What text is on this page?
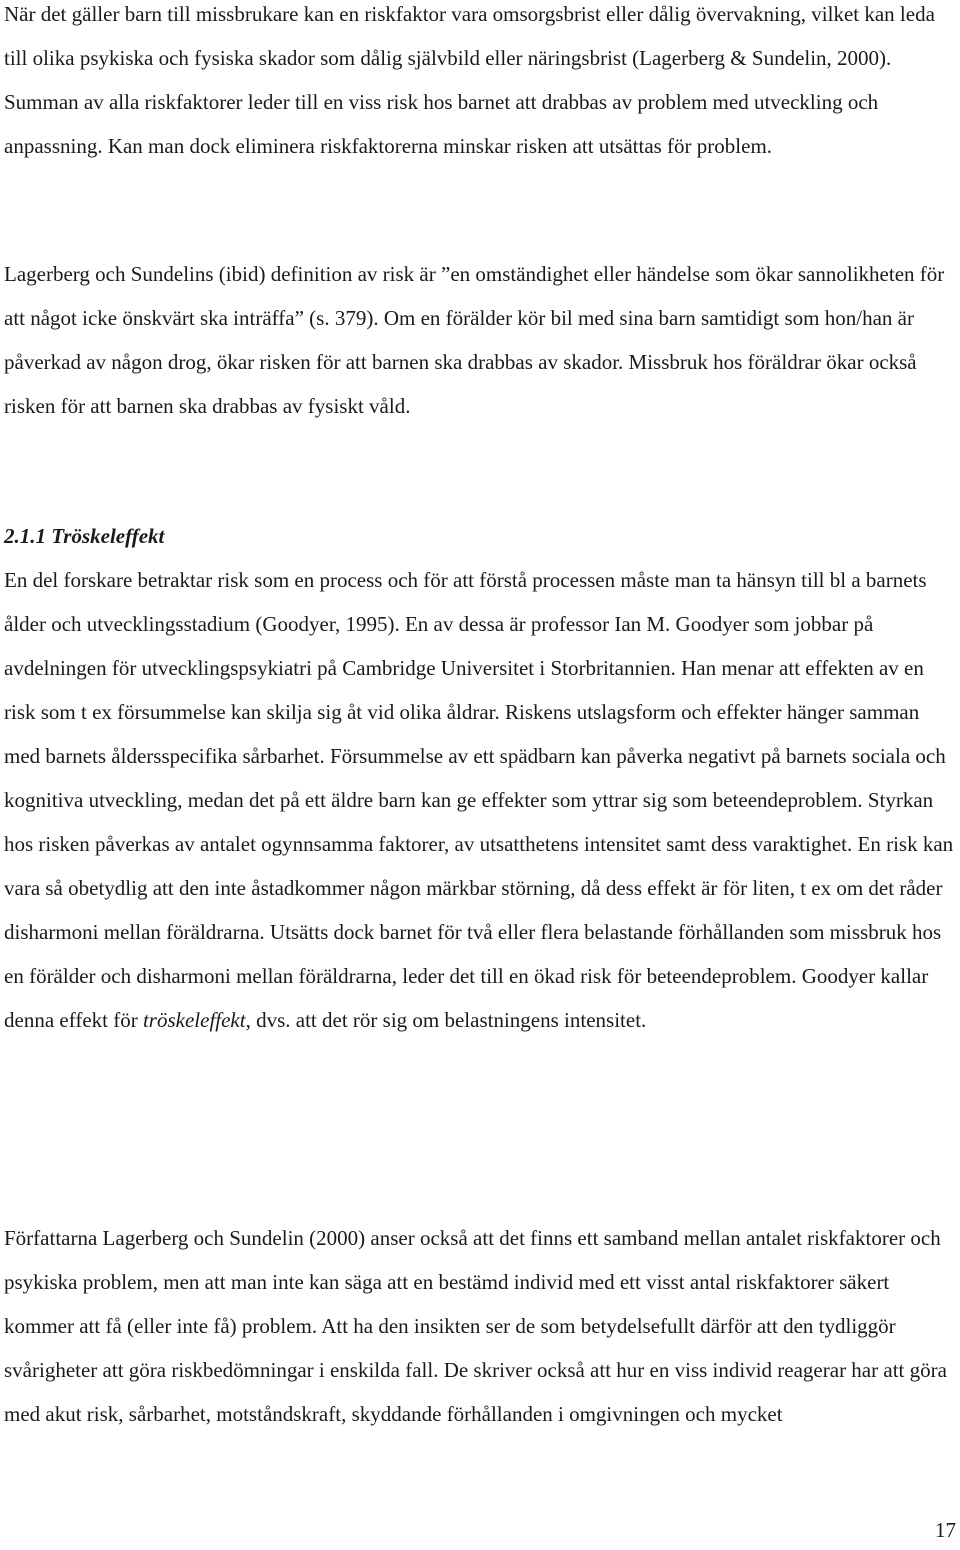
När det gäller barn till missbrukare kan en riskfaktor vara omsorgsbrist eller dålig övervakning, vilket kan leda till olika psykiska och fysiska skador som dålig självbild eller näringsbrist (Lagerberg & Sundelin, 2000). Summan av alla riskfaktorer leder till en viss risk hos barnet att drabbas av problem med utveckling och anpassning. Kan man dock eliminera riskfaktorerna minskar risken att utsättas för problem.

Lagerberg och Sundelins (ibid) definition av risk är ”en omständighet eller händelse som ökar sannolikheten för att något icke önskvärt ska inträffa” (s. 379). Om en förälder kör bil med sina barn samtidigt som hon/han är påverkad av någon drog, ökar risken för att barnen ska drabbas av skador. Missbruk hos föräldrar ökar också risken för att barnen ska drabbas av fysiskt våld.

2.1.1 Tröskeleffekt

En del forskare betraktar risk som en process och för att förstå processen måste man ta hänsyn till bl a barnets ålder och utvecklingsstadium (Goodyer, 1995). En av dessa är professor Ian M. Goodyer som jobbar på avdelningen för utvecklingspsykiatri på Cambridge Universitet i Storbritannien. Han menar att effekten av en risk som t ex försummelse kan skilja sig åt vid olika åldrar. Riskens utslagsform och effekter hänger samman med barnets åldersspecifika sårbarhet. Försummelse av ett spädbarn kan påverka negativt på barnets sociala och kognitiva utveckling, medan det på ett äldre barn kan ge effekter som yttrar sig som beteendeproblem. Styrkan hos risken påverkas av antalet ogynnsamma faktorer, av utsatthetens intensitet samt dess varaktighet. En risk kan vara så obetydlig att den inte åstadkommer någon märkbar störning, då dess effekt är för liten, t ex om det råder disharmoni mellan föräldrarna. Utsätts dock barnet för två eller flera belastande förhållanden som missbruk hos en förälder och disharmoni mellan föräldrarna, leder det till en ökad risk för beteendeproblem. Goodyer kallar denna effekt för tröskeleffekt, dvs. att det rör sig om belastningens intensitet.

Författarna Lagerberg och Sundelin (2000) anser också att det finns ett samband mellan antalet riskfaktorer och psykiska problem, men att man inte kan säga att en bestämd individ med ett visst antal riskfaktorer säkert kommer att få (eller inte få) problem. Att ha den insikten ser de som betydelsefullt därför att den tydliggör svårigheter att göra riskbedömningar i enskilda fall. De skriver också att hur en viss individ reagerar har att göra med akut risk, sårbarhet, motståndskraft, skyddande förhållanden i omgivningen och mycket

17
